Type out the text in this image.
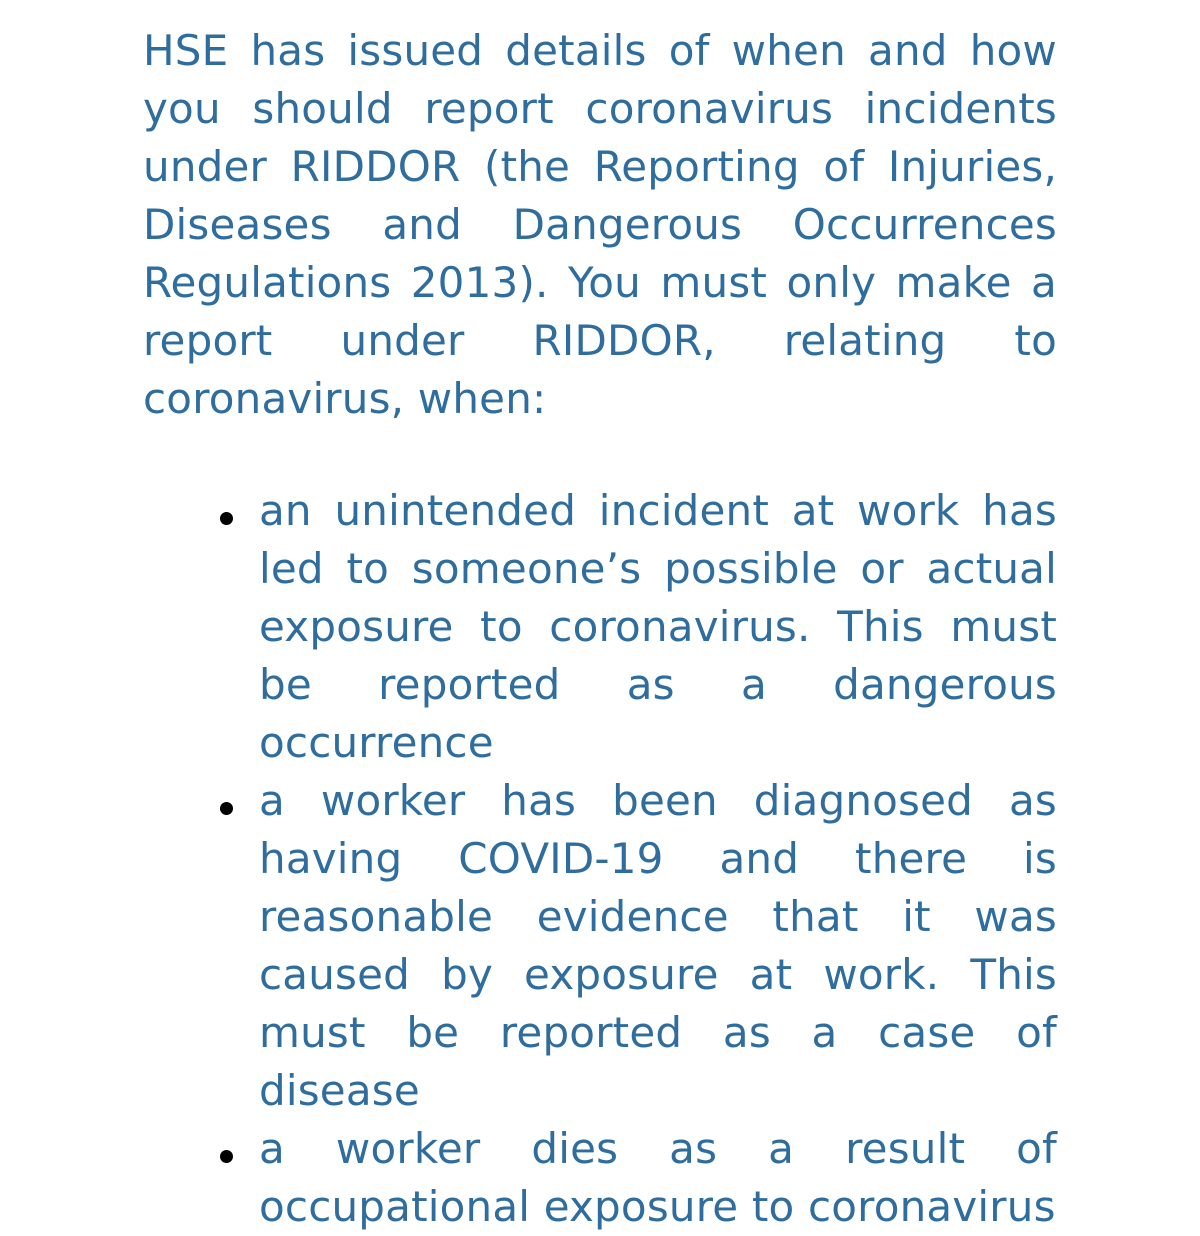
HSE has issued details of when and how you should report coronavirus incidents under RIDDOR (the Reporting of Injuries, Diseases and Dangerous Occurrences Regulations 2013). You must only make a report under RIDDOR, relating to coronavirus, when:

an unintended incident at work has led to someone’s possible or actual exposure to coronavirus. This must be reported as a dangerous occurrence
a worker has been diagnosed as having COVID-19 and there is reasonable evidence that it was caused by exposure at work. This must be reported as a case of disease
a worker dies as a result of occupational exposure to coronavirus
